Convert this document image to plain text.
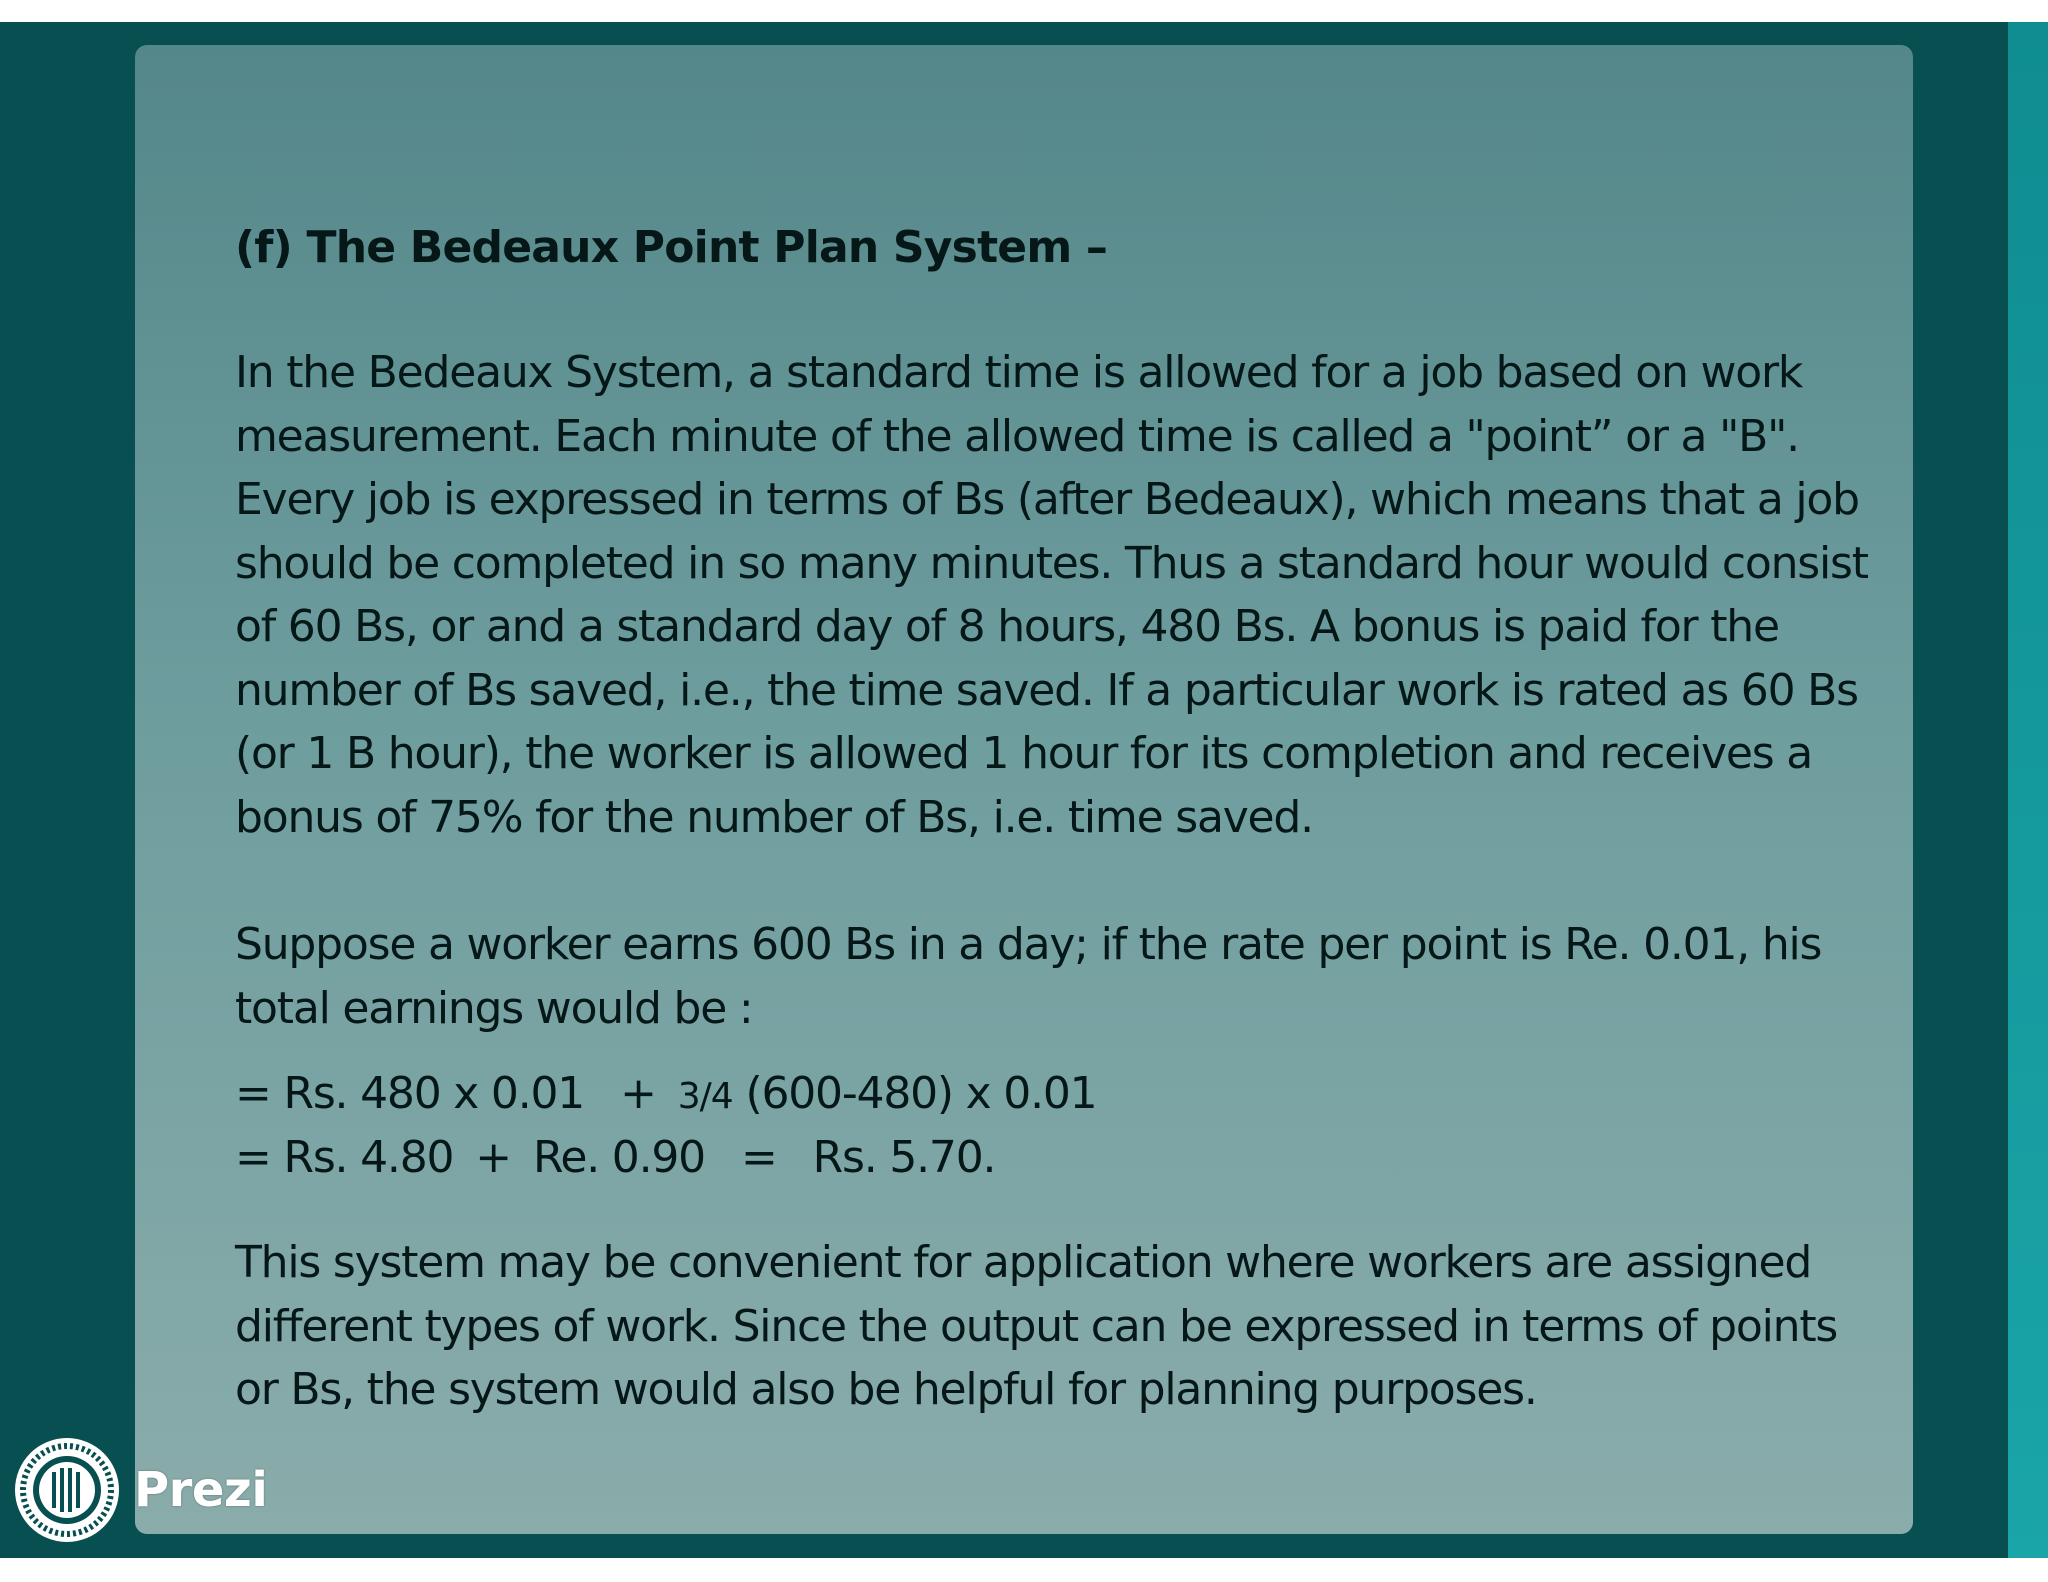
(f) The Bedeaux Point Plan System –

In the Bedeaux System, a standard time is allowed for a job based on work measurement. Each minute of the allowed time is called a "point” or a "B". Every job is expressed in terms of Bs (after Bedeaux), which means that a job should be completed in so many minutes. Thus a standard hour would consist of 60 Bs, or and a standard day of 8 hours, 480 Bs. A bonus is paid for the number of Bs saved, i.e., the time saved. If a particular work is rated as 60 Bs (or 1 B hour), the worker is allowed 1 hour for its completion and receives a bonus of 75% for the number of Bs, i.e. time saved.

Suppose a worker earns 600 Bs in a day; if the rate per point is Re. 0.01, his total earnings would be :

= Rs. 480 x 0.01 + 3/4 (600-480) x 0.01

= Rs. 4.80 + Re. 0.90 = Rs. 5.70.

This system may be convenient for application where workers are assigned different types of work. Since the output can be expressed in terms of points or Bs, the system would also be helpful for planning purposes.

Prezi
